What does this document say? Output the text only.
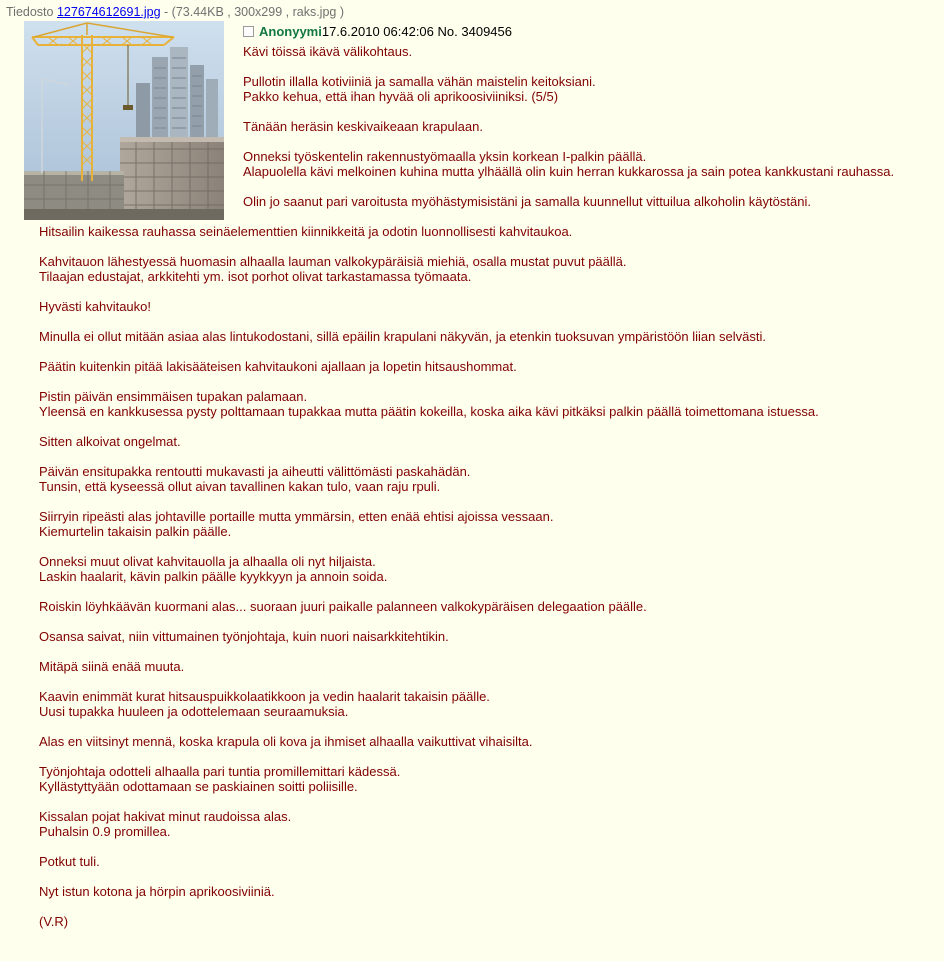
Tiedosto 127674612691.jpg - (73.44KB , 300x299 , raks.jpg )
Anonyymi17.6.2010 06:42:06 No. 3409456
Kävi töissä ikävä välikohtaus.
Pullotin illalla kotiviiniä ja samalla vähän maistelin keitoksiani.
Pakko kehua, että ihan hyvää oli aprikoosiviiniksi. (5/5)
Tänään heräsin keskivaikeaan krapulaan.
Onneksi työskentelin rakennustyömaalla yksin korkean I-palkin päällä.
Alapuolella kävi melkoinen kuhina mutta ylhäällä olin kuin herran kukkarossa ja sain potea kankkustani rauhassa.
Olin jo saanut pari varoitusta myöhästymisistäni ja samalla kuunnellut vittuilua alkoholin käytöstäni.
Hitsailin kaikessa rauhassa seinäelementtien kiinnikkeitä ja odotin luonnollisesti kahvitaukoa.
Kahvitauon lähestyessä huomasin alhaalla lauman valkokypäräisiä miehiä, osalla mustat puvut päällä.
Tilaajan edustajat, arkkitehti ym. isot porhot olivat tarkastamassa työmaata.
Hyvästi kahvitauko!
Minulla ei ollut mitään asiaa alas lintukodostani, sillä epäilin krapulani näkyvän, ja etenkin tuoksuvan ympäristöön liian selvästi.
Päätin kuitenkin pitää lakisääteisen kahvitaukoni ajallaan ja lopetin hitsaushommat.
Pistin päivän ensimmäisen tupakan palamaan.
Yleensä en kankkusessa pysty polttamaan tupakkaa mutta päätin kokeilla, koska aika kävi pitkäksi palkin päällä toimettomana istuessa.
Sitten alkoivat ongelmat.
Päivän ensitupakka rentoutti mukavasti ja aiheutti välittömästi paskahädän.
Tunsin, että kyseessä ollut aivan tavallinen kakan tulo, vaan raju rpuli.
Siirryin ripeästi alas johtaville portaille mutta ymmärsin, etten enää ehtisi ajoissa vessaan.
Kiemurtelin takaisin palkin päälle.
Onneksi muut olivat kahvitauolla ja alhaalla oli nyt hiljaista.
Laskin haalarit, kävin palkin päälle kyykkyyn ja annoin soida.
Roiskin löyhkäävän kuormani alas... suoraan juuri paikalle palanneen valkokypäräisen delegaation päälle.
Osansa saivat, niin vittumainen työnjohtaja, kuin nuori naisarkkitehtikin.
Mitäpä siinä enää muuta.
Kaavin enimmät kurat hitsauspuikkolaatikkoon ja vedin haalarit takaisin päälle.
Uusi tupakka huuleen ja odottelemaan seuraamuksia.
Alas en viitsinyt mennä, koska krapula oli kova ja ihmiset alhaalla vaikuttivat vihaisilta.
Työnjohtaja odotteli alhaalla pari tuntia promillemittari kädessä.
Kyllästyttyään odottamaan se paskiainen soitti poliisille.
Kissalan pojat hakivat minut raudoissa alas.
Puhalsin 0.9 promillea.
Potkut tuli.
Nyt istun kotona ja hörpin aprikoosiviiniä.
(V.R)
